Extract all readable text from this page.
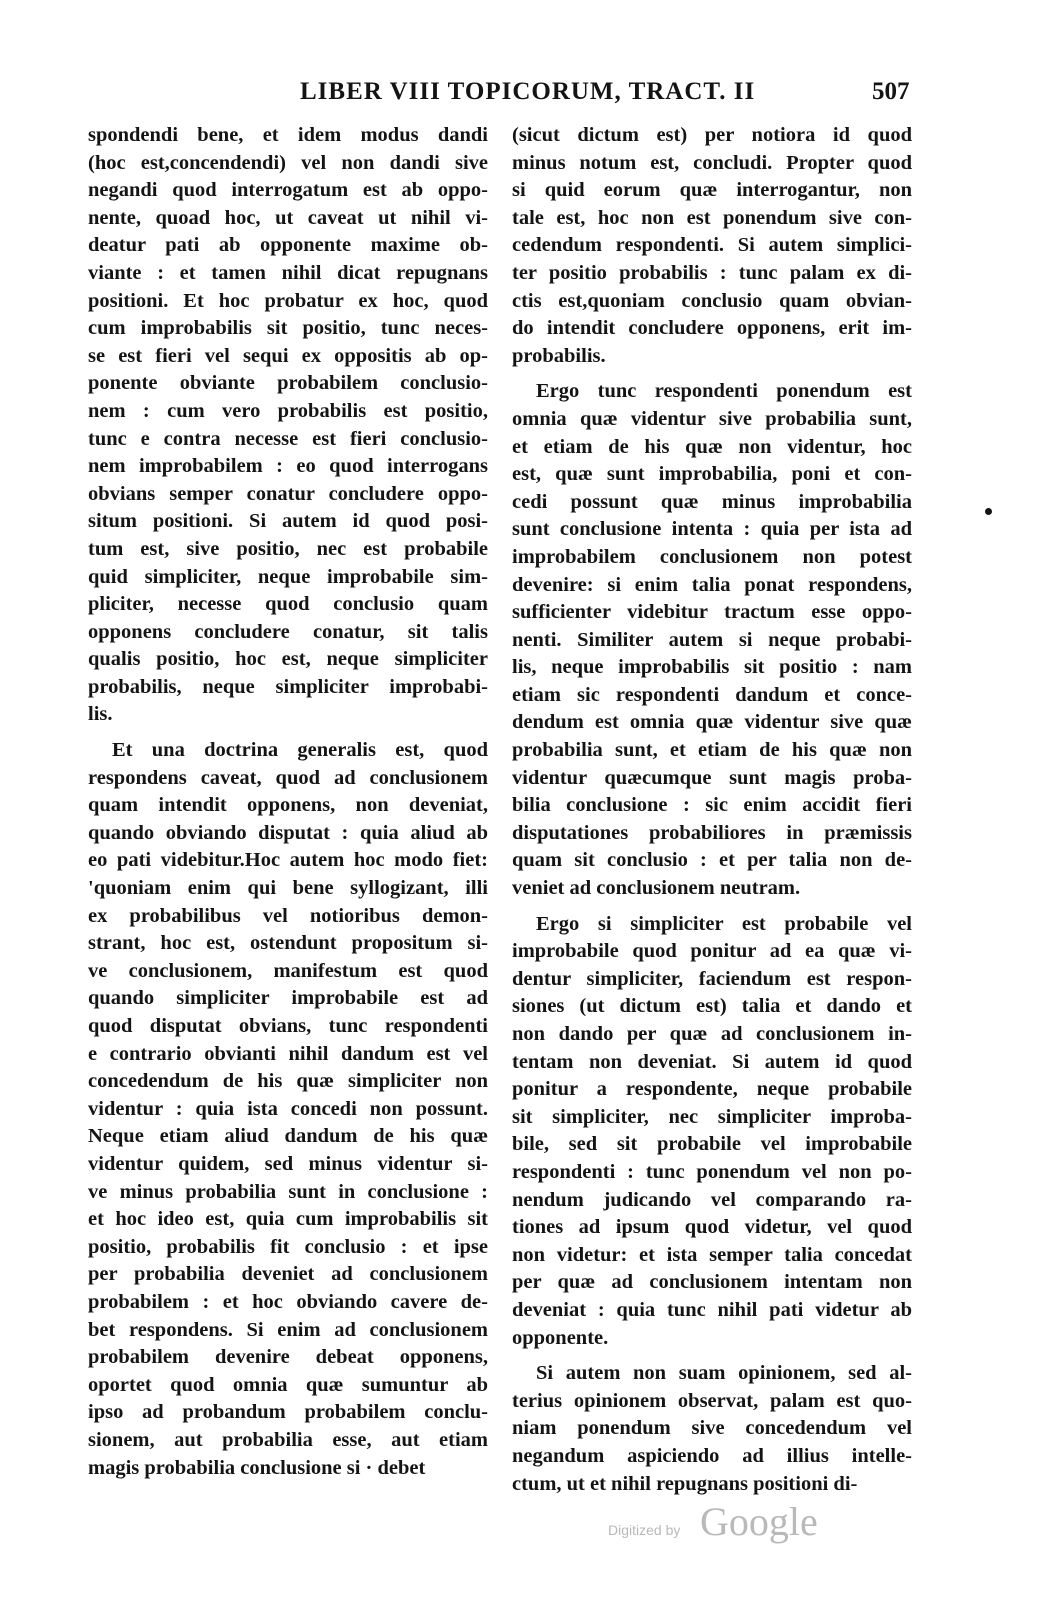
LIBER VIII TOPICORUM, TRACT. II	507
spondendi bene, et idem modus dandi
(hoc est,concendendi) vel non dandi sive
negandi quod interrogatum est ab oppo-
nente, quoad hoc, ut caveat ut nihil vi-
deatur pati ab opponente maxime ob-
viante : et tamen nihil dicat repugnans
positioni. Et hoc probatur ex hoc, quod
cum improbabilis sit positio, tunc neces-
se est fieri vel sequi ex oppositis ab op-
ponente obviante probabilem conclusio-
nem : cum vero probabilis est positio,
tunc e contra necesse est fieri conclusio-
nem improbabilem : eo quod interrogans
obvians semper conatur concludere oppo-
situm positioni. Si autem id quod posi-
tum est, sive positio, nec est probabile
quid simpliciter, neque improbabile sim-
pliciter, necesse quod conclusio quam
opponens concludere conatur, sit talis
qualis positio, hoc est, neque simpliciter
probabilis, neque simpliciter improbabi-
lis.
Et una doctrina generalis est, quod
respondens caveat, quod ad conclusionem
quam intendit opponens, non deveniat,
quando obviando disputat : quia aliud ab
eo pati videbitur.Hoc autem hoc modo fiet:
'quoniam enim qui bene syllogizant, illi
ex probabilibus vel notioribus demon-
strant, hoc est, ostendunt propositum si-
ve conclusionem, manifestum est quod
quando simpliciter improbabile est ad
quod disputat obvians, tunc respondenti
e contrario obvianti nihil dandum est vel
concedendum de his quæ simpliciter non
videntur : quia ista concedi non possunt.
Neque etiam aliud dandum de his quæ
videntur quidem, sed minus videntur si-
ve minus probabilia sunt in conclusione :
et hoc ideo est, quia cum improbabilis sit
positio, probabilis fit conclusio : et ipse
per probabilia deveniet ad conclusionem
probabilem : et hoc obviando cavere de-
bet respondens. Si enim ad conclusionem
probabilem devenire debeat opponens,
oportet quod omnia quæ sumuntur ab
ipso ad probandum probabilem conclu-
sionem, aut probabilia esse, aut etiam
magis probabilia conclusione si · debet
(sicut dictum est) per notiora id quod
minus notum est, concludi. Propter quod
si quid eorum quæ interrogantur, non
tale est, hoc non est ponendum sive con-
cedendum respondenti. Si autem simplici-
ter positio probabilis : tunc palam ex di-
ctis est,quoniam conclusio quam obvian-
do intendit concludere opponens, erit im-
probabilis.
Ergo tunc respondenti ponendum est
omnia quæ videntur sive probabilia sunt,
et etiam de his quæ non videntur, hoc
est, quæ sunt improbabilia, poni et con-
cedi possunt quæ minus improbabilia
sunt conclusione intenta : quia per ista ad
improbabilem conclusionem non potest
devenire: si enim talia ponat respondens,
sufficienter videbitur tractum esse oppo-
nenti. Similiter autem si neque probabi-
lis, neque improbabilis sit positio : nam
etiam sic respondenti dandum et conce-
dendum est omnia quæ videntur sive quæ
probabilia sunt, et etiam de his quæ non
videntur quæcumque sunt magis proba-
bilia conclusione : sic enim accidit fieri
disputationes probabiliores in præmissis
quam sit conclusio : et per talia non de-
veniet ad conclusionem neutram.
Ergo si simpliciter est probabile vel
improbabile quod ponitur ad ea quæ vi-
dentur simpliciter, faciendum est respon-
siones (ut dictum est) talia et dando et
non dando per quæ ad conclusionem in-
tentam non deveniat. Si autem id quod
ponitur a respondente, neque probabile
sit simpliciter, nec simpliciter improba-
bile, sed sit probabile vel improbabile
respondenti : tunc ponendum vel non po-
nendum judicando vel comparando ra-
tiones ad ipsum quod videtur, vel quod
non videtur: et ista semper talia concedat
per quæ ad conclusionem intentam non
deveniat : quia tunc nihil pati videtur ab
opponente.
Si autem non suam opinionem, sed al-
terius opinionem observat, palam est quo-
niam ponendum sive concedendum vel
negandum aspiciendo ad illius intelle-
ctum, ut et nihil repugnans positioni di-
Digitized by Google
